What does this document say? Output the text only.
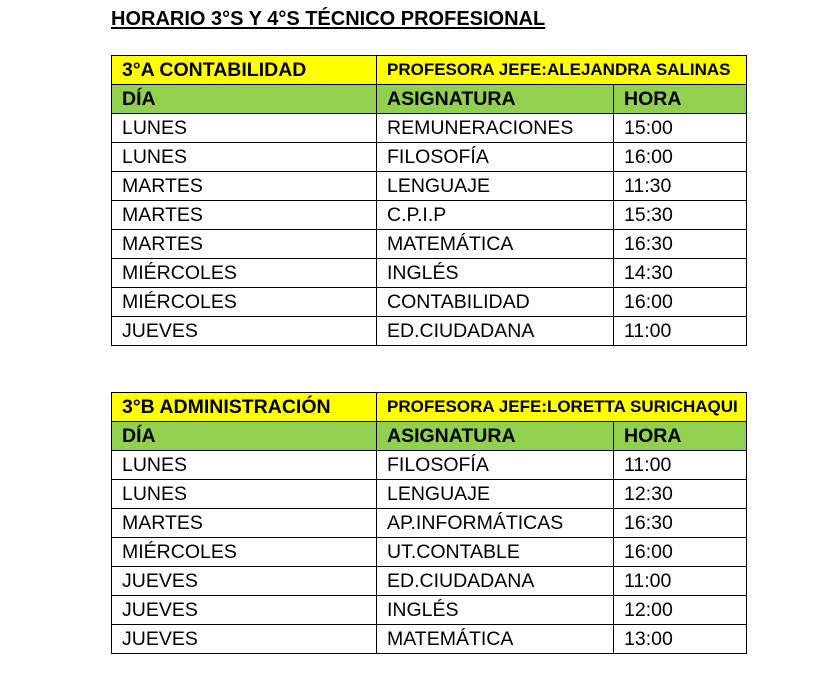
HORARIO 3°S Y 4°S TÉCNICO PROFESIONAL
3°A CONTABILIDAD	PROFESORA JEFE:ALEJANDRA SALINAS	
DÍA	ASIGNATURA	HORA
LUNES	REMUNERACIONES	15:00
LUNES	FILOSOFÍA	16:00
MARTES	LENGUAJE	11:30
MARTES	C.P.I.P	15:30
MARTES	MATEMÁTICA	16:30
MIÉRCOLES	INGLÉS	14:30
MIÉRCOLES	CONTABILIDAD	16:00
JUEVES	ED.CIUDADANA	11:00
3°B ADMINISTRACIÓN	PROFESORA JEFE:LORETTA SURICHAQUI	
DÍA	ASIGNATURA	HORA
LUNES	FILOSOFÍA	11:00
LUNES	LENGUAJE	12:30
MARTES	AP.INFORMÁTICAS	16:30
MIÉRCOLES	UT.CONTABLE	16:00
JUEVES	ED.CIUDADANA	11:00
JUEVES	INGLÉS	12:00
JUEVES	MATEMÁTICA	13:00
